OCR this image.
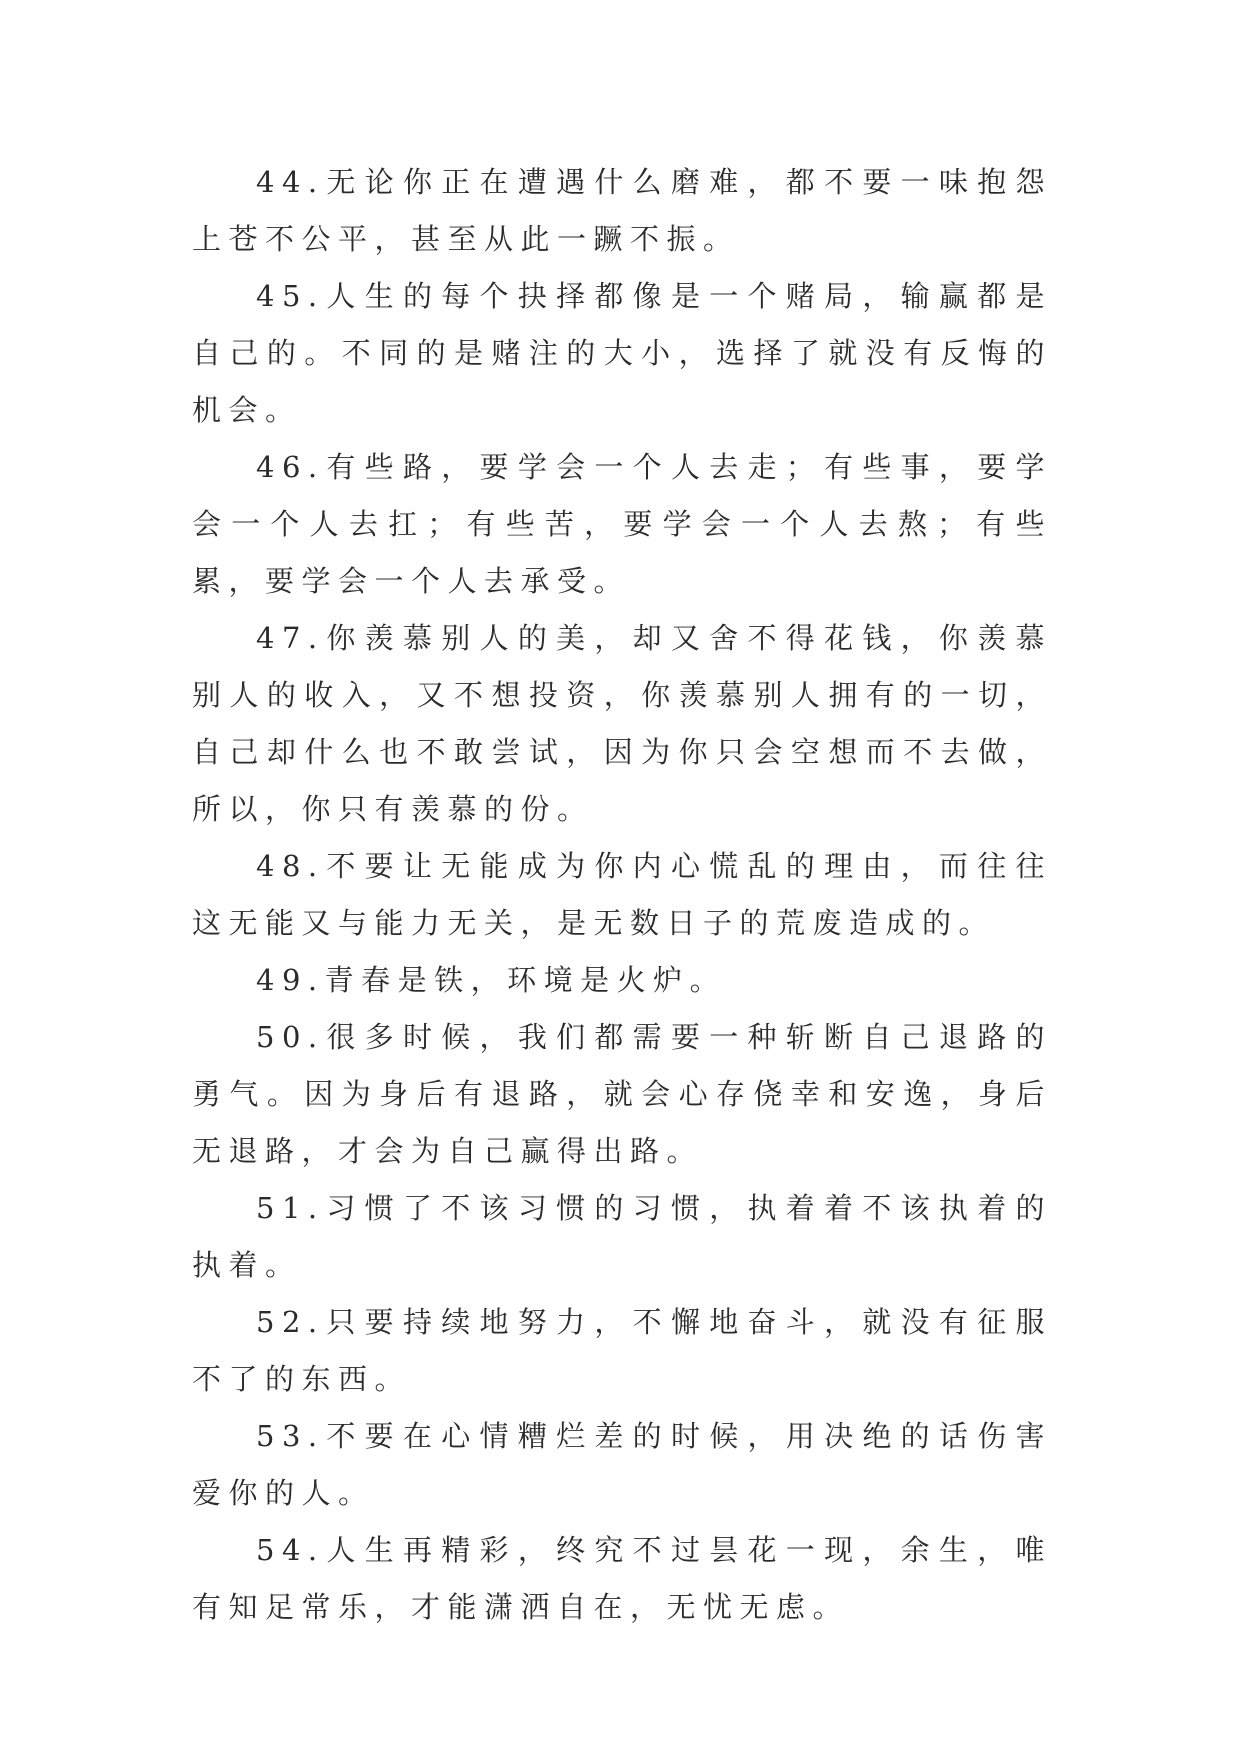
44.无论你正在遭遇什么磨难，都不要一味抱怨上苍不公平，甚至从此一蹶不振。

45.人生的每个抉择都像是一个赌局，输赢都是自己的。不同的是赌注的大小，选择了就没有反悔的机会。

46.有些路，要学会一个人去走；有些事，要学会一个人去扛；有些苦，要学会一个人去熬；有些累，要学会一个人去承受。

47.你羡慕别人的美，却又舍不得花钱，你羡慕别人的收入，又不想投资，你羡慕别人拥有的一切，自己却什么也不敢尝试，因为你只会空想而不去做，所以，你只有羡慕的份。

48.不要让无能成为你内心慌乱的理由，而往往这无能又与能力无关，是无数日子的荒废造成的。

49.青春是铁，环境是火炉。

50.很多时候，我们都需要一种斩断自己退路的勇气。因为身后有退路，就会心存侥幸和安逸，身后无退路，才会为自己赢得出路。

51.习惯了不该习惯的习惯，执着着不该执着的执着。

52.只要持续地努力，不懈地奋斗，就没有征服不了的东西。

53.不要在心情糟烂差的时候，用决绝的话伤害爱你的人。

54.人生再精彩，终究不过昙花一现，余生，唯有知足常乐，才能潇洒自在，无忧无虑。
